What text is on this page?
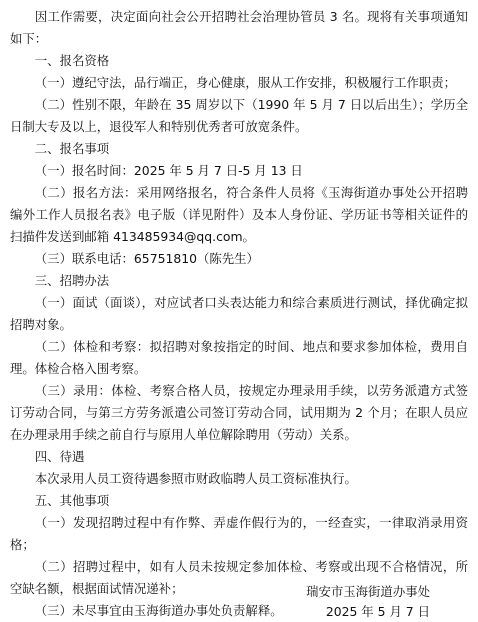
因工作需要，决定面向社会公开招聘社会治理协管员 3 名。现将有关事项通知如下：

一、报名资格

（一）遵纪守法，品行端正，身心健康，服从工作安排，积极履行工作职责；

（二）性别不限，年龄在 35 周岁以下（1990 年 5 月 7 日以后出生）；学历全日制大专及以上，退役军人和特别优秀者可放宽条件。

二、报名事项

（一）报名时间：2025 年 5 月 7 日-5 月 13 日

（二）报名方法：采用网络报名，符合条件人员将《玉海街道办事处公开招聘编外工作人员报名表》电子版（详见附件）及本人身份证、学历证书等相关证件的扫描件发送到邮箱 413485934@qq.com。

（三）联系电话：65751810（陈先生）

三、招聘办法

（一）面试（面谈），对应试者口头表达能力和综合素质进行测试，择优确定拟招聘对象。

（二）体检和考察：拟招聘对象按指定的时间、地点和要求参加体检，费用自理。体检合格入围考察。

（三）录用：体检、考察合格人员，按规定办理录用手续，以劳务派遣方式签订劳动合同，与第三方劳务派遣公司签订劳动合同，试用期为 2 个月；在职人员应在办理录用手续之前自行与原用人单位解除聘用（劳动）关系。

四、待遇

本次录用人员工资待遇参照市财政临聘人员工资标准执行。

五、其他事项

（一）发现招聘过程中有作弊、弄虚作假行为的，一经查实，一律取消录用资格；

（二）招聘过程中，如有人员未按规定参加体检、考察或出现不合格情况，所空缺名额，根据面试情况递补；

（三）未尽事宜由玉海街道办事处负责解释。

瑞安市玉海街道办事处
2025 年 5 月 7 日
